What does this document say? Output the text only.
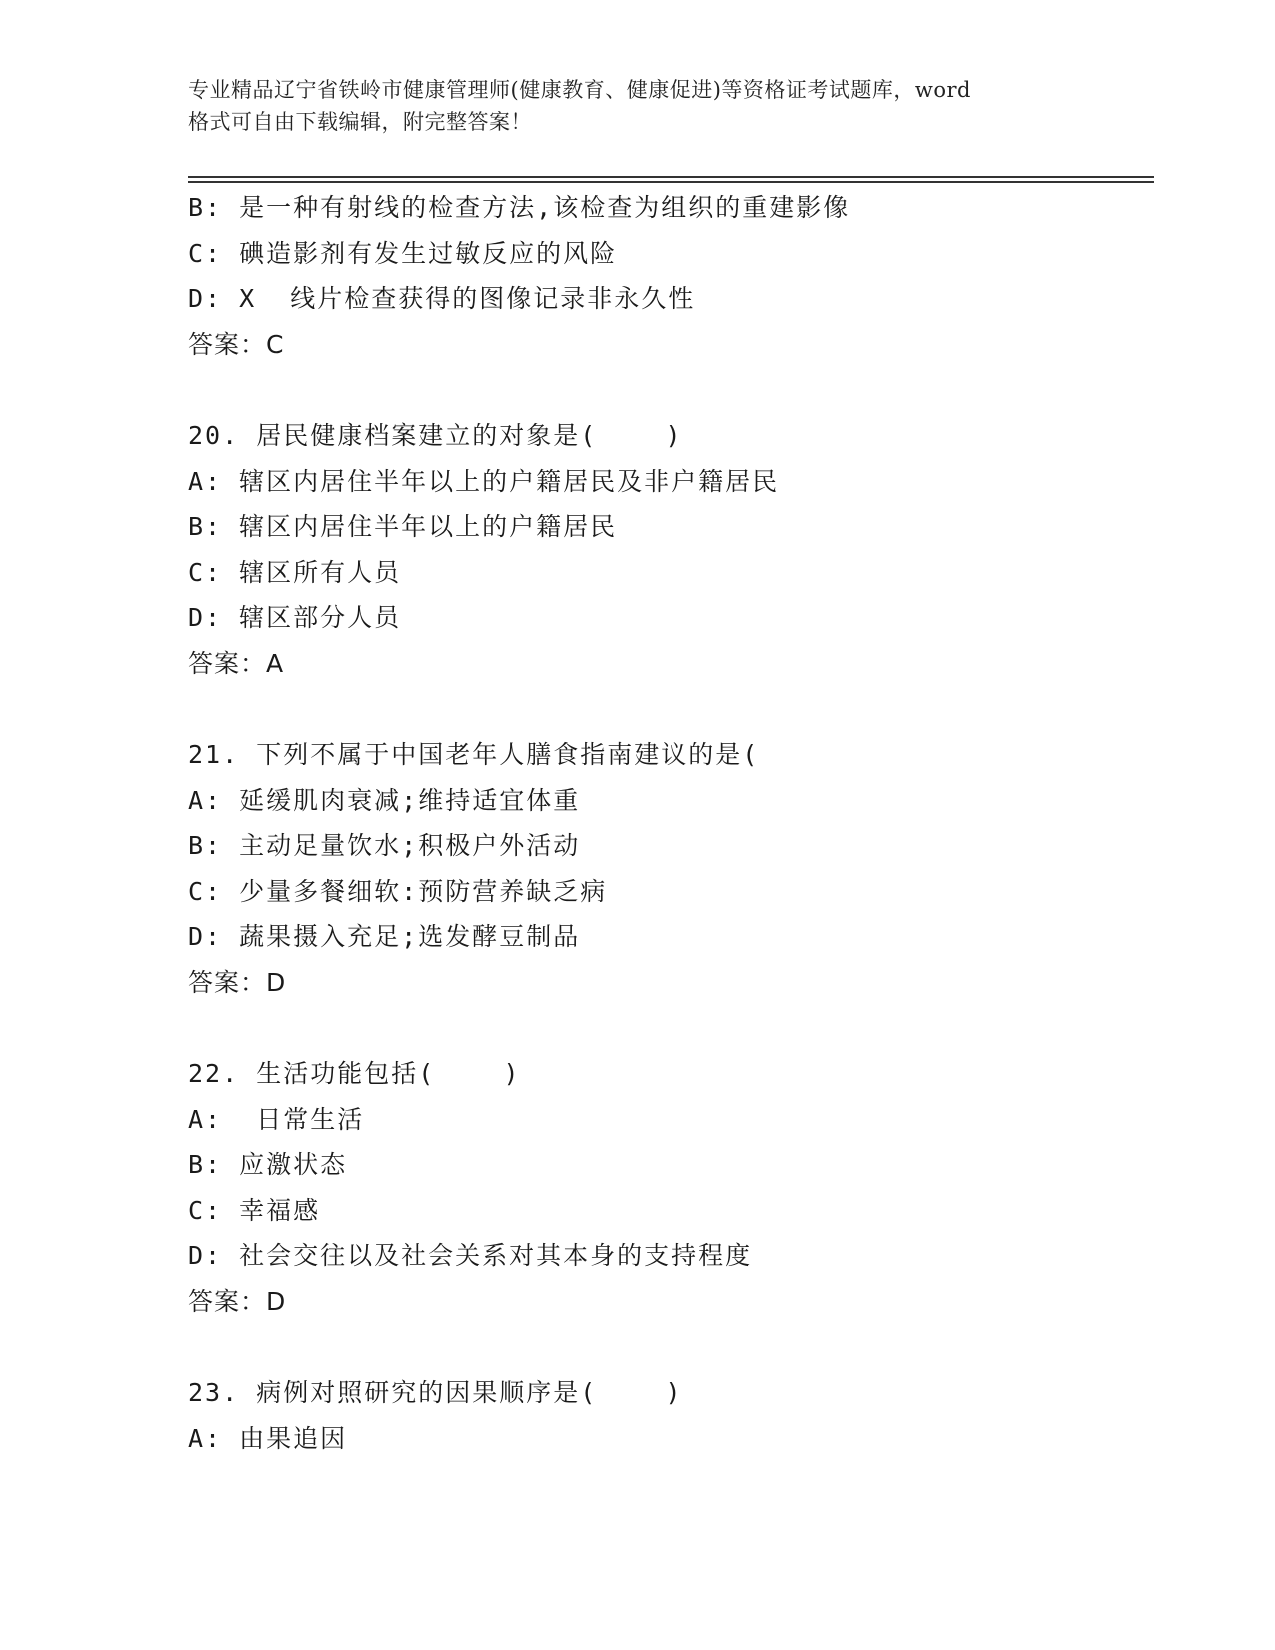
专业精品辽宁省铁岭市健康管理师(健康教育、健康促进)等资格证考试题库，word
格式可自由下载编辑，附完整答案！
B: 是一种有射线的检查方法,该检查为组织的重建影像
C: 碘造影剂有发生过敏反应的风险
D: X  线片检查获得的图像记录非永久性
答案：C
20. 居民健康档案建立的对象是(    )
A: 辖区内居住半年以上的户籍居民及非户籍居民
B: 辖区内居住半年以上的户籍居民
C: 辖区所有人员
D: 辖区部分人员
答案：A
21. 下列不属于中国老年人膳食指南建议的是(
A: 延缓肌肉衰减;维持适宜体重
B: 主动足量饮水;积极户外活动
C: 少量多餐细软:预防营养缺乏病
D: 蔬果摄入充足;选发酵豆制品
答案：D
22. 生活功能包括(    )
A:  日常生活
B: 应激状态
C: 幸福感
D: 社会交往以及社会关系对其本身的支持程度
答案：D
23. 病例对照研究的因果顺序是(    )
A: 由果追因
